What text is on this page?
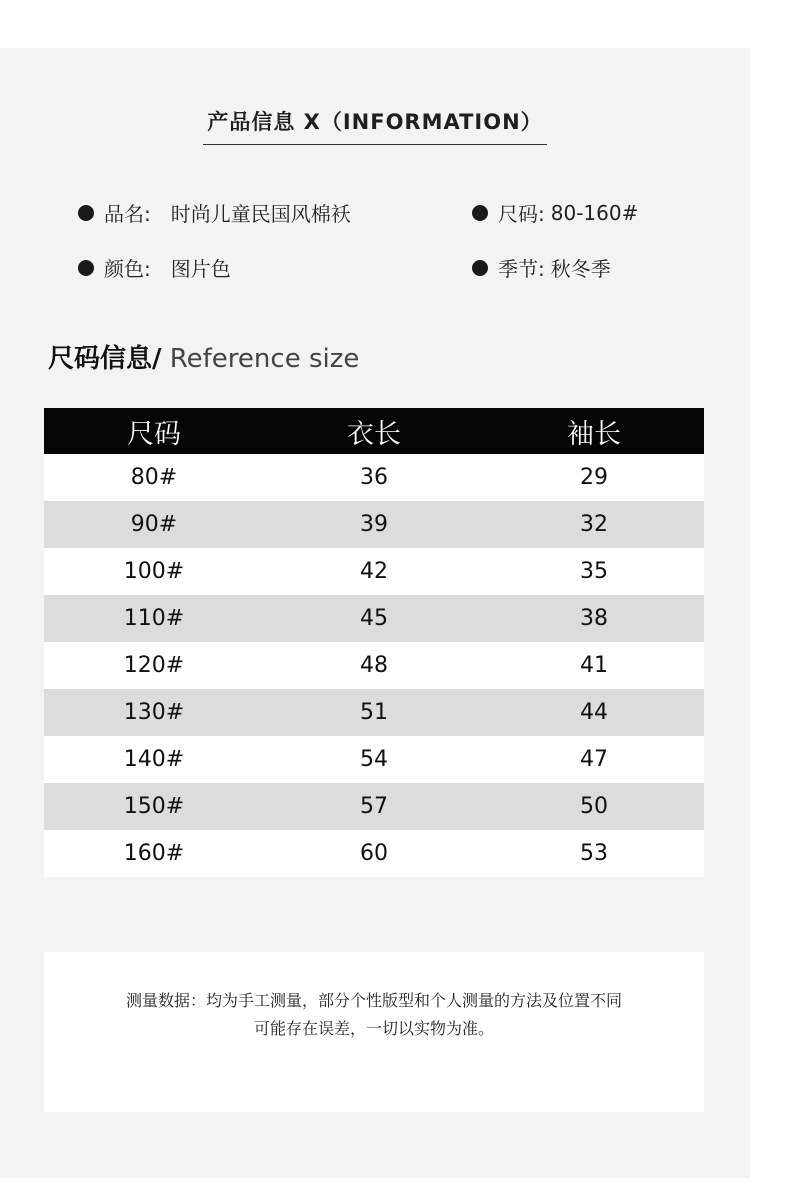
产品信息 X（INFORMATION）
品名: 时尚儿童民国风棉袄	尺码: 80-160#
颜色: 图片色	季节: 秋冬季
尺码信息/ Reference size
尺码	衣长	袖长
80#	36	29
90#	39	32
100#	42	35
110#	45	38
120#	48	41
130#	51	44
140#	54	47
150#	57	50
160#	60	53
测量数据：均为手工测量，部分个性版型和个人测量的方法及位置不同
可能存在误差，一切以实物为准。
